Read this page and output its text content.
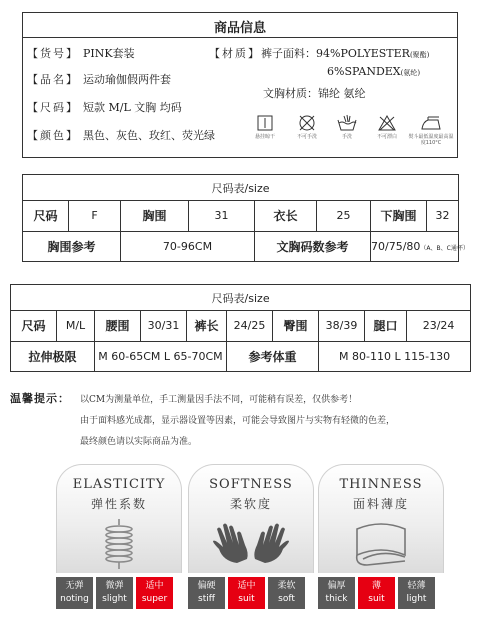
商品信息
【货号】 PINK套装
【品名】 运动瑜伽假两件套
【尺码】 短款 M/L 文胸 均码
【颜色】 黑色、灰色、玫红、荧光绿
【材质】 裤子面料：94%POLYESTER(聚酯)
6%SPANDEX(氨纶)
文胸材质：锦纶 氨纶
悬挂晾干	不可手洗	手洗	不可漂白	熨斗最低温度最高温度110°C
尺码表/size							
尺码	F	胸围	31	衣长	25	下胸围	32
胸围参考		70-96CM		文胸码数参考		70/75/80（A、B、C通杯）	
尺码表/size									
尺码	M/L	腰围	30/31	裤长	24/25	臀围	38/39	腿口	23/24
拉伸极限		M 60-65CM L 65-70CM			参考体重		M 80-110 L 115-130		
温馨提示： 以CM为测量单位，手工测量因手法不同，可能稍有误差，仅供参考！
由于面料感光成都，显示器设置等因素，可能会导致图片与实物有轻微的色差，
最终颜色请以实际商品为准。
ELASTICITY
弹性系数
无弹
noting
微弹
slight
适中
super
SOFTNESS
柔软度
偏硬
stiff
适中
suit
柔软
soft
THINNESS
面料薄度
偏厚
thick
薄
suit
轻薄
light
